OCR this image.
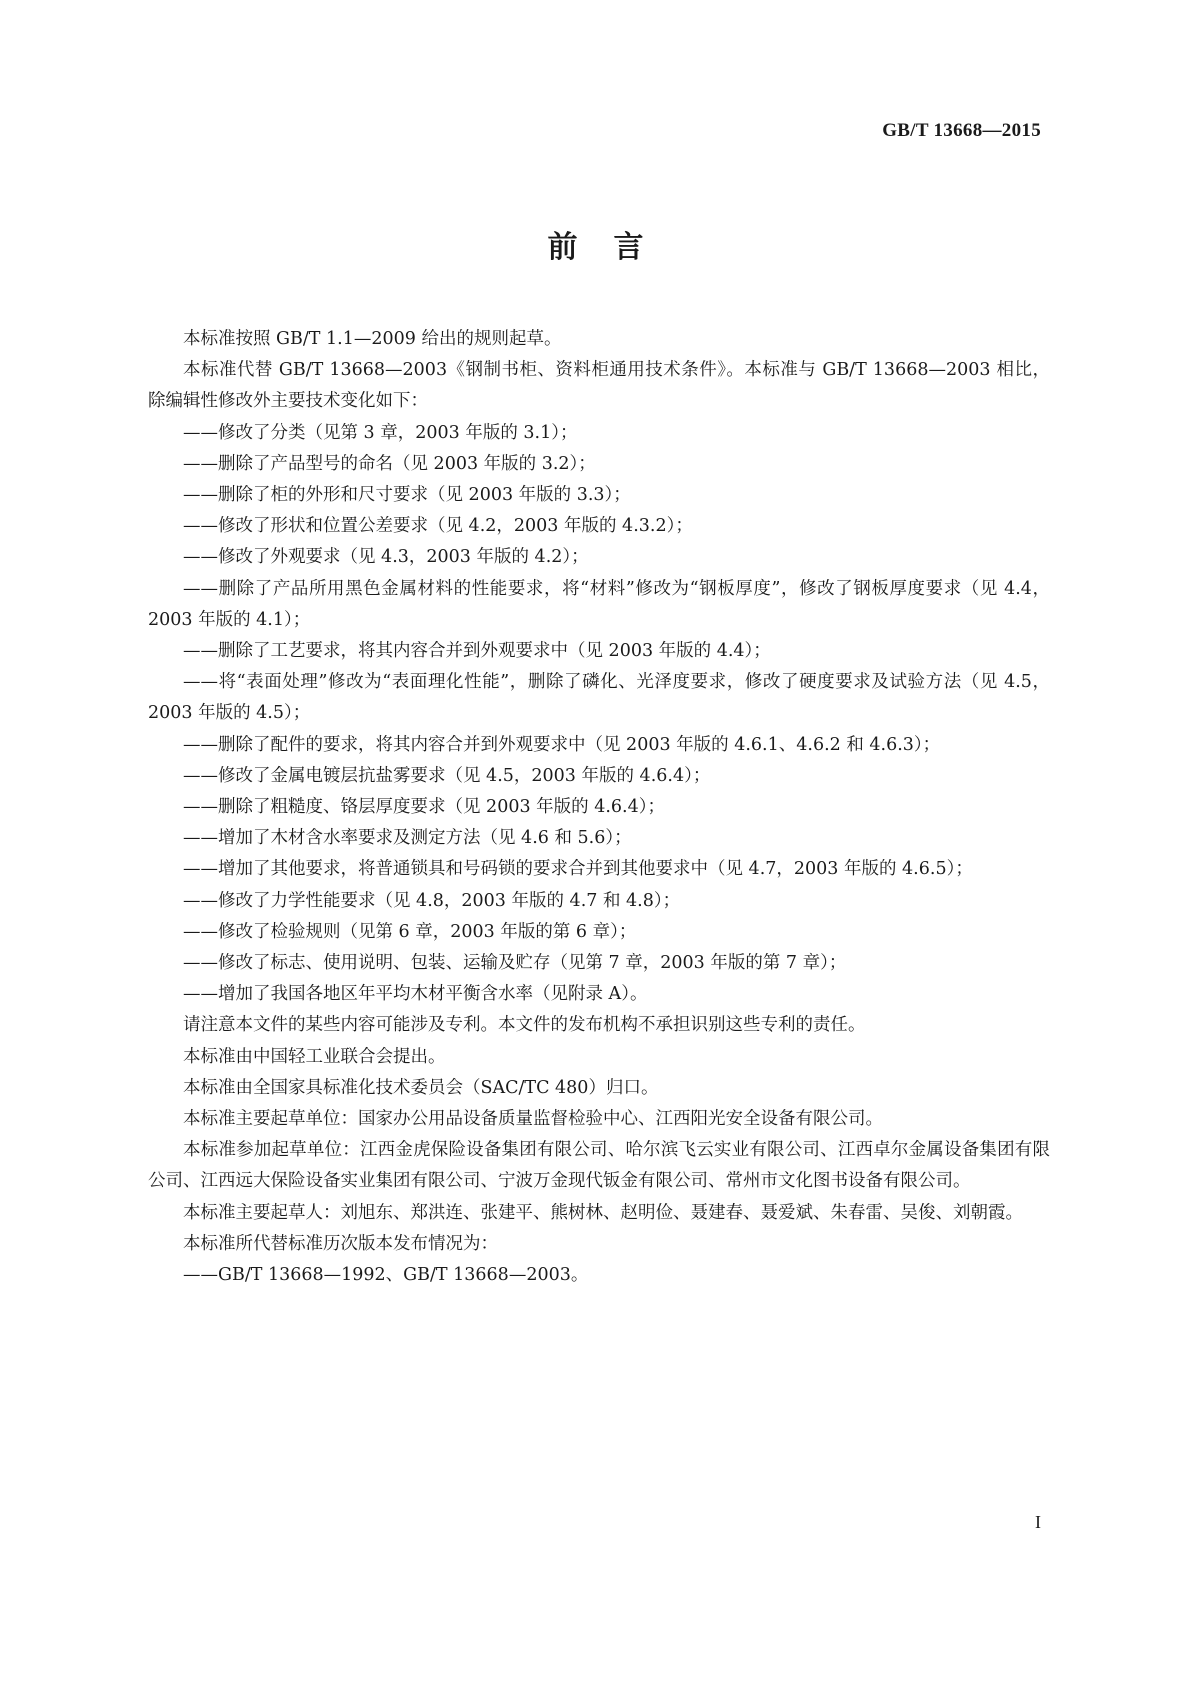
GB/T 13668—2015
前言

本标准按照 GB/T 1.1—2009 给出的规则起草。

本标准代替 GB/T 13668—2003《钢制书柜、资料柜通用技术条件》。本标准与 GB/T 13668—2003 相比，除编辑性修改外主要技术变化如下：

——修改了分类（见第 3 章，2003 年版的 3.1）；

——删除了产品型号的命名（见 2003 年版的 3.2）；

——删除了柜的外形和尺寸要求（见 2003 年版的 3.3）；

——修改了形状和位置公差要求（见 4.2，2003 年版的 4.3.2）；

——修改了外观要求（见 4.3，2003 年版的 4.2）；

——删除了产品所用黑色金属材料的性能要求，将“材料”修改为“钢板厚度”，修改了钢板厚度要求（见 4.4，2003 年版的 4.1）；

——删除了工艺要求，将其内容合并到外观要求中（见 2003 年版的 4.4）；

——将“表面处理”修改为“表面理化性能”，删除了磷化、光泽度要求，修改了硬度要求及试验方法（见 4.5，2003 年版的 4.5）；

——删除了配件的要求，将其内容合并到外观要求中（见 2003 年版的 4.6.1、4.6.2 和 4.6.3）；

——修改了金属电镀层抗盐雾要求（见 4.5，2003 年版的 4.6.4）；

——删除了粗糙度、铬层厚度要求（见 2003 年版的 4.6.4）；

——增加了木材含水率要求及测定方法（见 4.6 和 5.6）；

——增加了其他要求，将普通锁具和号码锁的要求合并到其他要求中（见 4.7，2003 年版的 4.6.5）；

——修改了力学性能要求（见 4.8，2003 年版的 4.7 和 4.8）；

——修改了检验规则（见第 6 章，2003 年版的第 6 章）；

——修改了标志、使用说明、包装、运输及贮存（见第 7 章，2003 年版的第 7 章）；

——增加了我国各地区年平均木材平衡含水率（见附录 A）。

请注意本文件的某些内容可能涉及专利。本文件的发布机构不承担识别这些专利的责任。

本标准由中国轻工业联合会提出。

本标准由全国家具标准化技术委员会（SAC/TC 480）归口。

本标准主要起草单位：国家办公用品设备质量监督检验中心、江西阳光安全设备有限公司。

本标准参加起草单位：江西金虎保险设备集团有限公司、哈尔滨飞云实业有限公司、江西卓尔金属设备集团有限公司、江西远大保险设备实业集团有限公司、宁波万金现代钣金有限公司、常州市文化图书设备有限公司。

本标准主要起草人：刘旭东、郑洪连、张建平、熊树林、赵明俭、聂建春、聂爱斌、朱春雷、吴俊、刘朝霞。

本标准所代替标准历次版本发布情况为：

——GB/T 13668—1992、GB/T 13668—2003。

I
